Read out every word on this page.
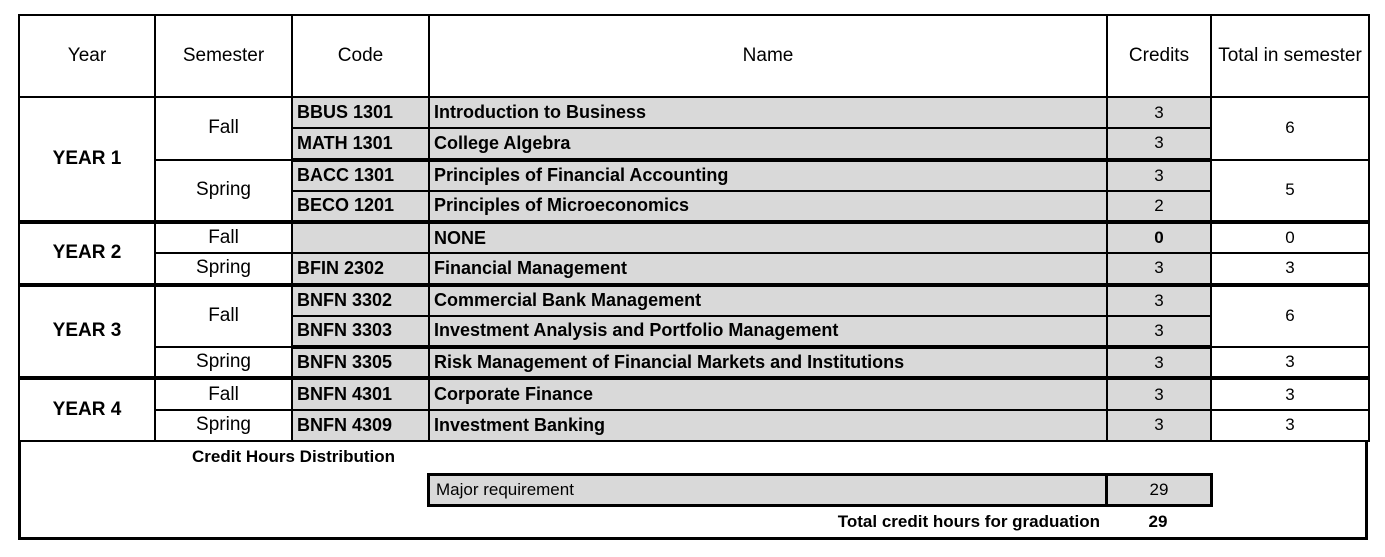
Year	Semester	Code	Name	Credits	Total in semester
YEAR 1	Fall	BBUS 1301	Introduction to Business	3	6
		MATH 1301	College Algebra	3	
	Spring	BACC 1301	Principles of Financial Accounting	3	5
		BECO 1201	Principles of Microeconomics	2	
YEAR 2	Fall		NONE	0	0
	Spring	BFIN 2302	Financial Management	3	3
YEAR 3	Fall	BNFN 3302	Commercial Bank Management	3	6
		BNFN 3303	Investment Analysis and Portfolio Management	3	
	Spring	BNFN 3305	Risk Management of Financial Markets and Institutions	3	3
YEAR 4	Fall	BNFN 4301	Corporate Finance	3	3
	Spring	BNFN 4309	Investment Banking	3	3
Credit Hours Distribution
Major requirement	29
Total credit hours for graduation	29
